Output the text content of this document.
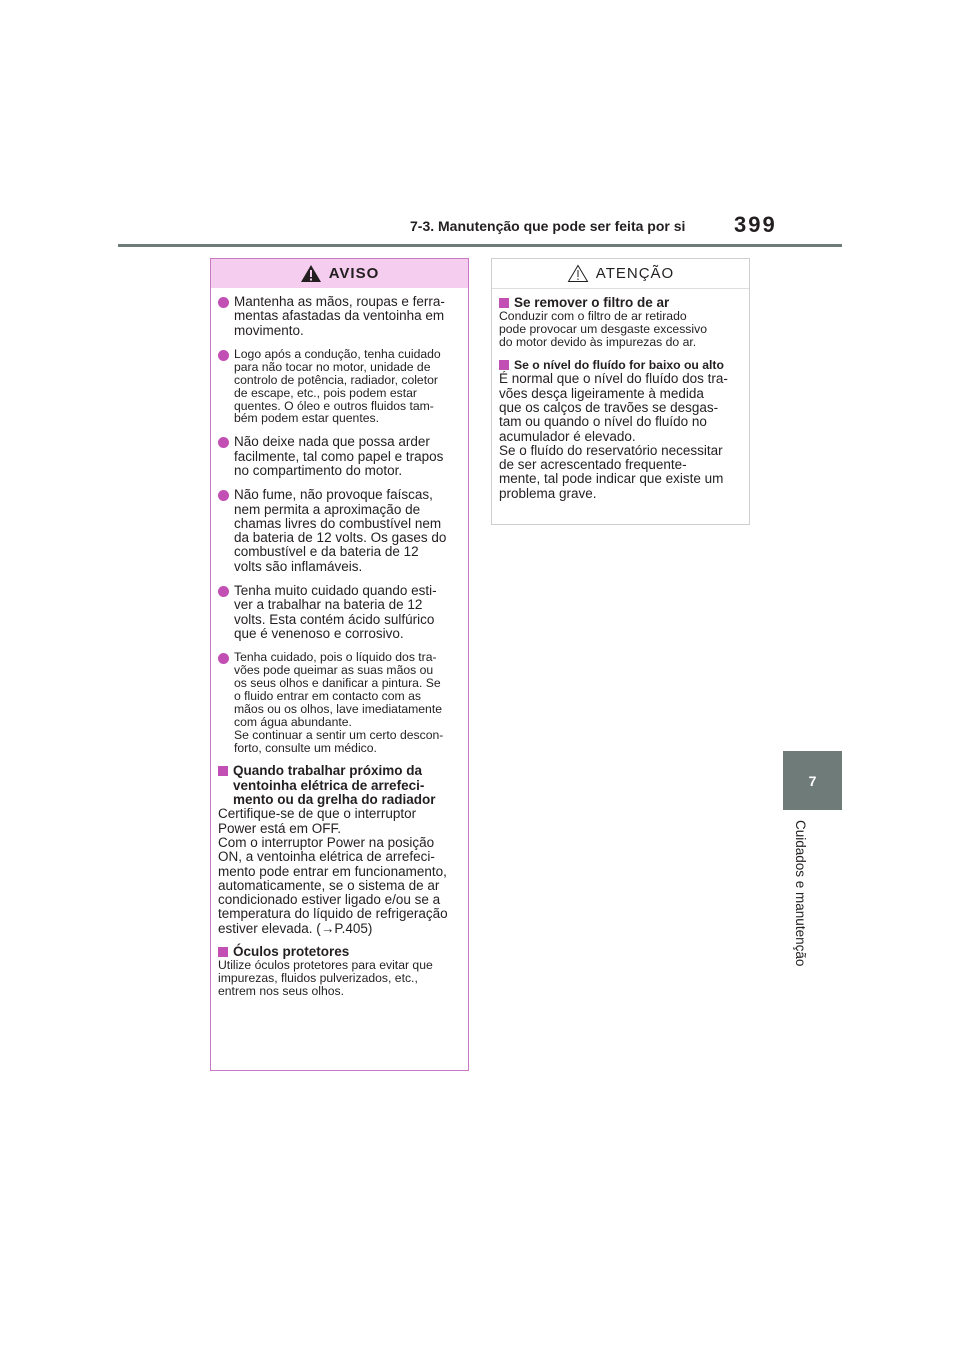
7-3. Manutenção que pode ser feita por si 399
7
Cuidados e manutenção
AVISO
Mantenha as mãos, roupas e ferra-
mentas afastadas da ventoinha em
movimento.
Logo após a condução, tenha cuidado
para não tocar no motor, unidade de
controlo de potência, radiador, coletor
de escape, etc., pois podem estar
quentes. O óleo e outros fluidos tam-
bém podem estar quentes.
Não deixe nada que possa arder
facilmente, tal como papel e trapos
no compartimento do motor.
Não fume, não provoque faíscas,
nem permita a aproximação de
chamas livres do combustível nem
da bateria de 12 volts. Os gases do
combustível e da bateria de 12
volts são inflamáveis.
Tenha muito cuidado quando esti-
ver a trabalhar na bateria de 12
volts. Esta contém ácido sulfúrico
que é venenoso e corrosivo.
Tenha cuidado, pois o líquido dos tra-
vões pode queimar as suas mãos ou
os seus olhos e danificar a pintura. Se
o fluido entrar em contacto com as
mãos ou os olhos, lave imediatamente
com água abundante.
Se continuar a sentir um certo descon-
forto, consulte um médico.
Quando trabalhar próximo da
ventoinha elétrica de arrefeci-
mento ou da grelha do radiador
Certifique-se de que o interruptor
Power está em OFF.
Com o interruptor Power na posição
ON, a ventoinha elétrica de arrefeci-
mento pode entrar em funcionamento,
automaticamente, se o sistema de ar
condicionado estiver ligado e/ou se a
temperatura do líquido de refrigeração
estiver elevada. (→P.405)
Óculos protetores
Utilize óculos protetores para evitar que
impurezas, fluidos pulverizados, etc.,
entrem nos seus olhos.
ATENÇÃO
Se remover o filtro de ar
Conduzir com o filtro de ar retirado
pode provocar um desgaste excessivo
do motor devido às impurezas do ar.
Se o nível do fluído for baixo ou alto
É normal que o nível do fluído dos tra-
vões desça ligeiramente à medida
que os calços de travões se desgas-
tam ou quando o nível do fluído no
acumulador é elevado.
Se o fluído do reservatório necessitar
de ser acrescentado frequente-
mente, tal pode indicar que existe um
problema grave.
